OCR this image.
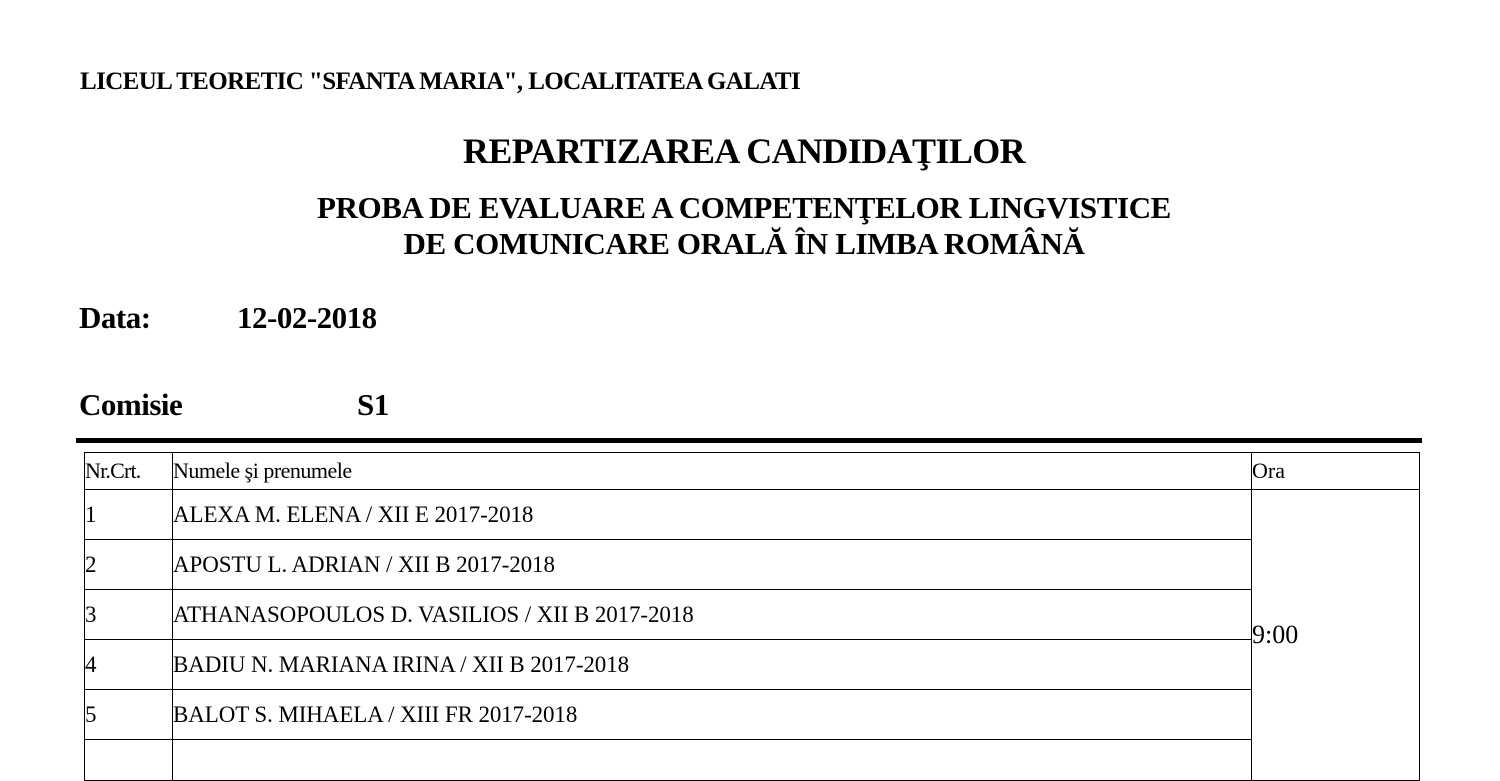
LICEUL TEORETIC "SFANTA MARIA", LOCALITATEA GALATI
REPARTIZAREA CANDIDAŢILOR
PROBA DE EVALUARE A COMPETENŢELOR LINGVISTICE
DE COMUNICARE ORALĂ ÎN LIMBA ROMÂNĂ
Data:	12-02-2018
Comisie	S1
Nr.Crt.	Numele şi prenumele	Ora
1	ALEXA M. ELENA / XII E 2017-2018	9:00
2	APOSTU L. ADRIAN / XII B 2017-2018	
3	ATHANASOPOULOS D. VASILIOS / XII B 2017-2018	
4	BADIU N. MARIANA IRINA / XII B 2017-2018	
5	BALOT S. MIHAELA / XIII FR 2017-2018	
